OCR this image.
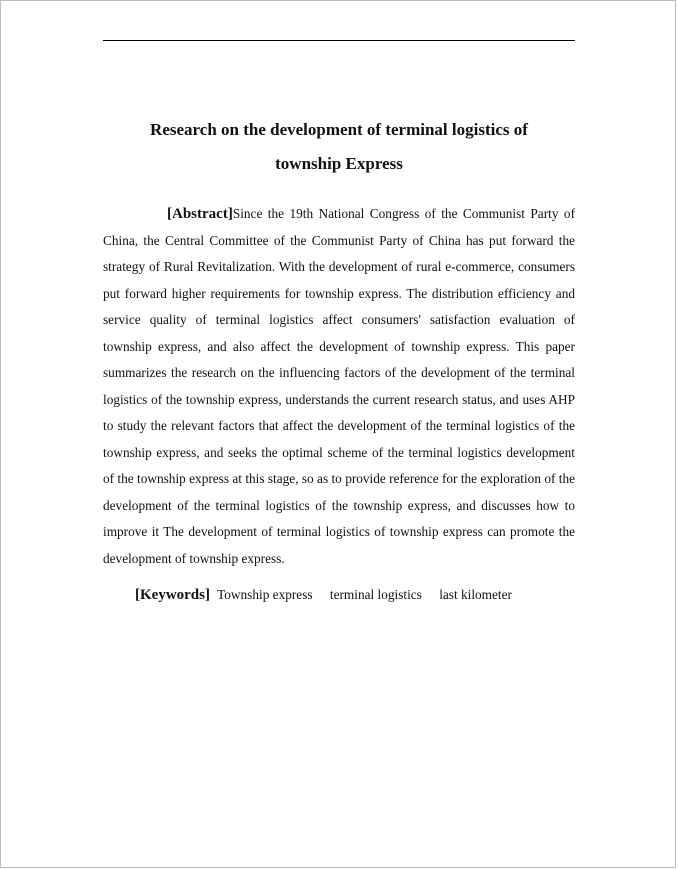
Research on the development of terminal logistics of
township Express

[Abstract]Since the 19th National Congress of the Communist Party of China, the Central Committee of the Communist Party of China has put forward the strategy of Rural Revitalization. With the development of rural e-commerce, consumers put forward higher requirements for township express. The distribution efficiency and service quality of terminal logistics affect consumers' satisfaction evaluation of township express, and also affect the development of township express. This paper summarizes the research on the influencing factors of the development of the terminal logistics of the township express, understands the current research status, and uses AHP to study the relevant factors that affect the development of the terminal logistics of the township express, and seeks the optimal scheme of the terminal logistics development of the township express at this stage, so as to provide reference for the exploration of the development of the terminal logistics of the township express, and discusses how to improve it The development of terminal logistics of township express can promote the development of township express.

[Keywords] Township express terminal logistics last kilometer
